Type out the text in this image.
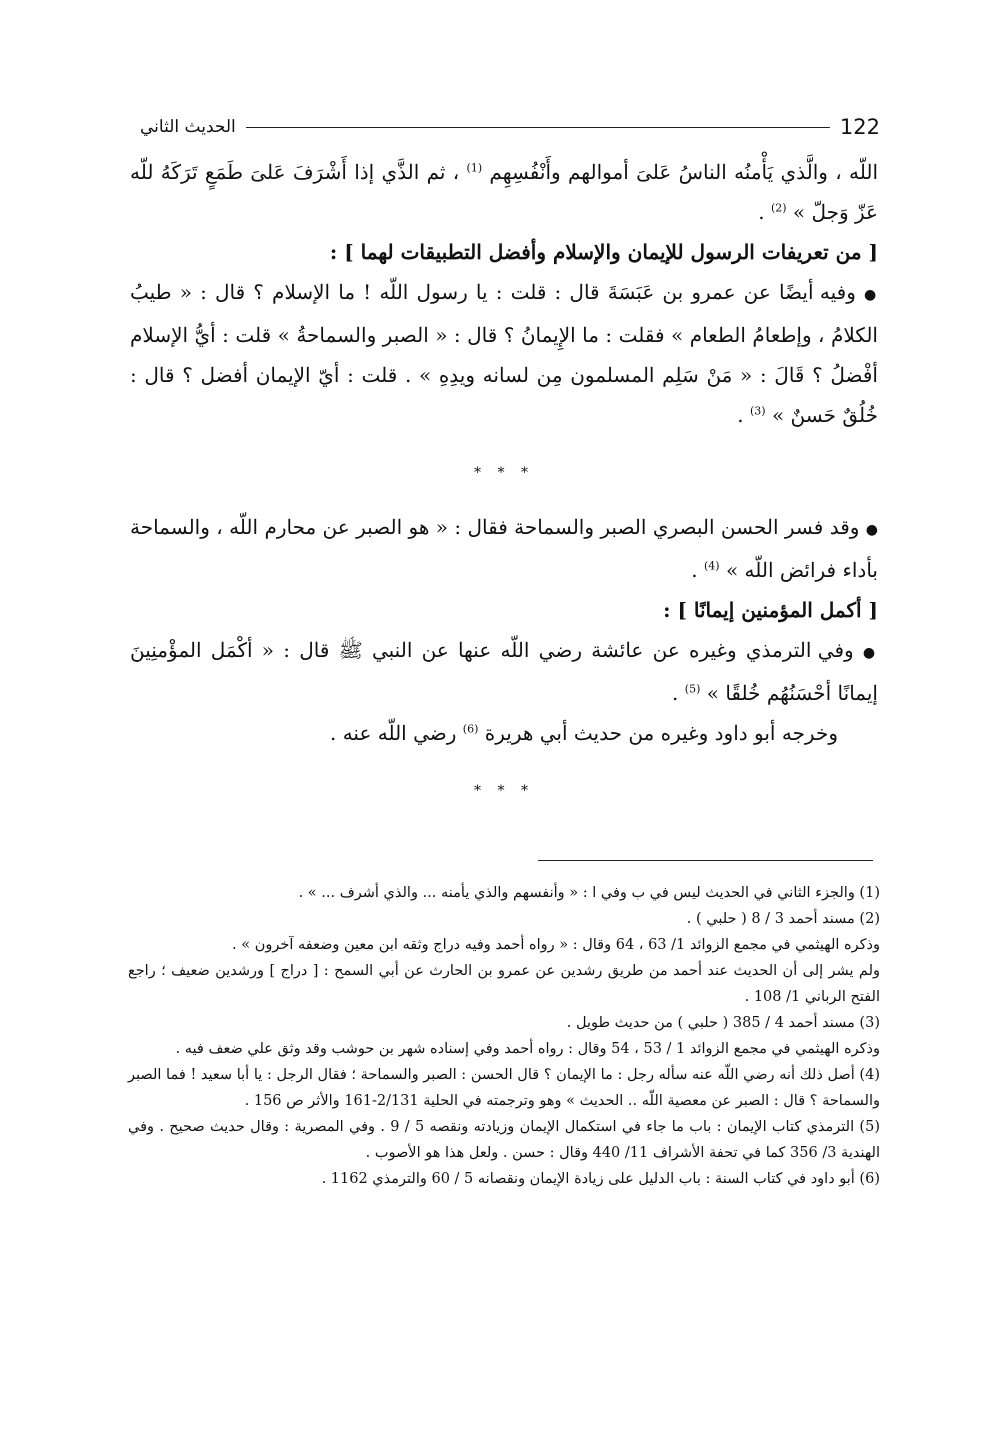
الحديث الثاني	122

اللّه ، والَّذي يَأْمنُه الناسُ عَلىَ أموالهم وأَنْفُسِهِم $^{(1)}$ ، ثم الذَّي إذا أَشْرَفَ عَلىَ طَمَعٍ تَرَكَهُ للّه عَزّ وَجلّ » $^{(2)}$ .

[ من تعريفات الرسول للإيمان والإسلام وأفضل التطبيقات لهما ] :

● وفيه أيضًا عن عمرو بن عَبَسَةَ قال : قلت : يا رسول اللّه ! ما الإسلام ؟ قال : « طيبُ الكلامُ ، وإطعامُ الطعام » فقلت : ما الإِيمانُ ؟ قال : « الصبر والسماحةُ » قلت : أيُّ الإسلام أفْضلُ ؟ قَالَ : « مَنْ سَلِم المسلمون مِن لسانه ويدِهِ » . قلت : أيّ الإيمان أفضل ؟ قال : خُلُقٌ حَسنٌ » $^{(3)}$ .

* * *

● وقد فسر الحسن البصري الصبر والسماحة فقال : « هو الصبر عن محارم اللّه ، والسماحة بأداء فرائض اللّه » $^{(4)}$ .

[ أكمل المؤمنين إيمانًا ] :

● وفي الترمذي وغيره عن عائشة رضي اللّه عنها عن النبي ﷺ قال : « أكْمَل المؤْمنِينَ إيمانًا أحْسَنُهُم خُلقًا » $^{(5)}$ .

وخرجه أبو داود وغيره من حديث أبي هريرة $^{(6)}$ رضي اللّه عنه .

* * *

(1) والجزء الثاني في الحديث ليس في ب وفي ا : « وأنفسهم والذي يأمنه ... والذي أشرف ... » .

(2) مسند أحمد 3 / 8 ( حلبي ) .

وذكره الهيثمي في مجمع الزوائد 1/ 63 ، 64 وقال : « رواه أحمد وفيه دراج وثقه ابن معين وضعفه آخرون » .

ولم يشر إلى أن الحديث عند أحمد من طريق رشدين عن عمرو بن الحارث عن أبي السمح : [ دراج ] ورشدين ضعيف ؛ راجع الفتح الرباني 1/ 108 .

(3) مسند أحمد 4 / 385 ( حلبي ) من حديث طويل .

وذكره الهيثمي في مجمع الزوائد 1 / 53 ، 54 وقال : رواه أحمد وفي إسناده شهر بن حوشب وقد وثق علي ضعف فيه .

(4) أصل ذلك أنه رضي اللّه عنه سأله رجل : ما الإيمان ؟ قال الحسن : الصبر والسماحة ؛ فقال الرجل : يا أبا سعيد ! فما الصبر والسماحة ؟ قال : الصبر عن معصية اللّه .. الحديث » وهو وترجمته في الحلية 2/131-161 والأثر ص 156 .

(5) الترمذي كتاب الإيمان : باب ما جاء في استكمال الإيمان وزيادته ونقصه 5 / 9 . وفي المصرية : وقال حديث صحيح . وفي الهندية 3/ 356 كما في تحفة الأشراف 11/ 440 وقال : حسن . ولعل هذا هو الأصوب .

(6) أبو داود في كتاب السنة : باب الدليل على زيادة الإيمان ونقصانه 5 / 60 والترمذي 1162 .
